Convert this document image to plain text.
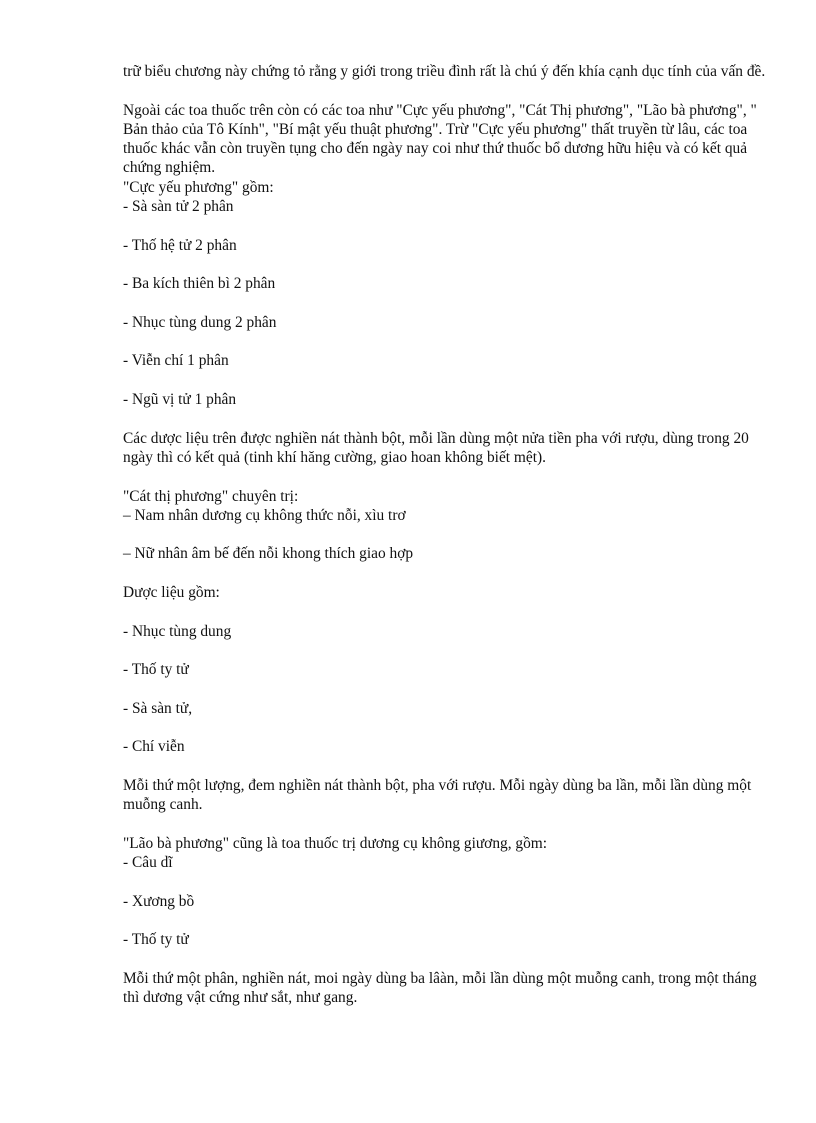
trữ biểu chương này chứng tỏ rằng y giới trong triều đình rất là chú ý đến khía cạnh dục tính của vấn đề.

Ngoài các toa thuốc trên còn có các toa như "Cực yếu phương", "Cát Thị phương", "Lão bà phương", " Bản thảo của Tô Kính", "Bí mật yếu thuật phương". Trừ "Cực yếu phương" thất truyền từ lâu, các toa thuốc khác vẫn còn truyền tụng cho đến ngày nay coi như thứ thuốc bổ dương hữu hiệu và có kết quả chứng nghiệm.

"Cực yếu phương" gồm:

- Sà sàn tử 2 phân

- Thố hệ tử 2 phân

- Ba kích thiên bì 2 phân

- Nhục tùng dung 2 phân

- Viễn chí 1 phân

- Ngũ vị tử 1 phân

Các dược liệu trên được nghiền nát thành bột, mỗi lần dùng một nửa tiền pha với rượu, dùng trong 20 ngày thì có kết quả (tinh khí hăng cường, giao hoan không biết mệt).

"Cát thị phương" chuyên trị:

– Nam nhân dương cụ không thức nỗi, xìu trơ

– Nữ nhân âm bế đến nỗi khong thích giao hợp

Dược liệu gồm:

- Nhục tùng dung

- Thố ty tử

- Sà sàn tử,

- Chí viễn

Mỗi thứ một lượng, đem nghiền nát thành bột, pha với rượu. Mỗi ngày dùng ba lần, mỗi lần dùng một muỗng canh.

"Lão bà phương" cũng là toa thuốc trị dương cụ không giương, gồm:

- Câu dĩ

- Xương bồ

- Thố ty tử

Mỗi thứ một phân, nghiền nát, moi ngày dùng ba lâàn, mỗi lần dùng một muỗng canh, trong một tháng thì dương vật cứng như sắt, như gang.
